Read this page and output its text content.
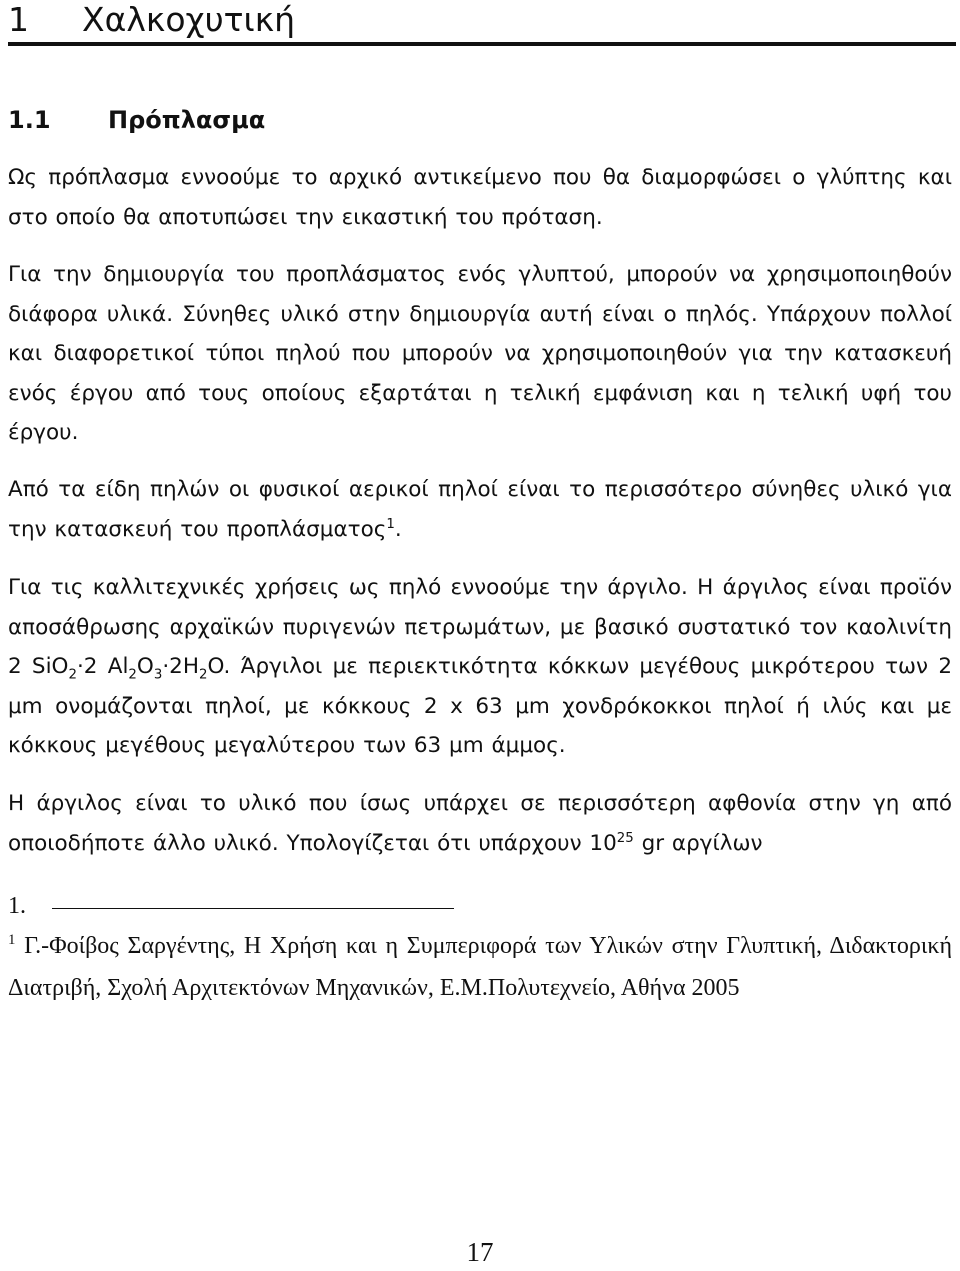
1 Χαλκοχυτική
1.1 Πρόπλασμα
Ως πρόπλασμα εννοούμε το αρχικό αντικείμενο που θα διαμορφώσει ο γλύπτης και στο οποίο θα αποτυπώσει την εικαστική του πρόταση.
Για την δημιουργία του προπλάσματος ενός γλυπτού, μπορούν να χρησιμοποιηθούν διάφορα υλικά. Σύνηθες υλικό στην δημιουργία αυτή είναι ο πηλός. Υπάρχουν πολλοί και διαφορετικοί τύποι πηλού που μπορούν να χρησιμοποιηθούν για την κατασκευή ενός έργου από τους οποίους εξαρτάται η τελική εμφάνιση και η τελική υφή του έργου.
Από τα είδη πηλών οι φυσικοί αερικοί πηλοί είναι το περισσότερο σύνηθες υλικό για την κατασκευή του προπλάσματος$^1$.
Για τις καλλιτεχνικές χρήσεις ως πηλό εννοούμε την άργιλο. Η άργιλος είναι προϊόν αποσάθρωσης αρχαϊκών πυριγενών πετρωμάτων, με βασικό συστατικό τον καολινίτη 2 SiO$_2$·2 $Al_2O_3\cdot 2H_2O$. Άργιλοι με περιεκτικότητα κόκκων μεγέθους μικρότερου των 2 μm ονομάζονται πηλοί, με κόκκους 2 x 63 μm χονδρόκοκκοι πηλοί ή ιλύς και με κόκκους μεγέθους μεγαλύτερου των 63 μm άμμος.
Η άργιλος είναι το υλικό που ίσως υπάρχει σε περισσότερη αφθονία στην γη από οποιοδήποτε άλλο υλικό. Υπολογίζεται ότι υπάρχουν $10^{25}$ gr αργίλων
1.
$^1$ Γ.-Φοίβος Σαργέντης, Η Χρήση και η Συμπεριφορά των Υλικών στην Γλυπτική, Διδακτορική Διατριβή, Σχολή Αρχιτεκτόνων Μηχανικών, Ε.Μ.Πολυτεχνείο, Αθήνα 2005
17
